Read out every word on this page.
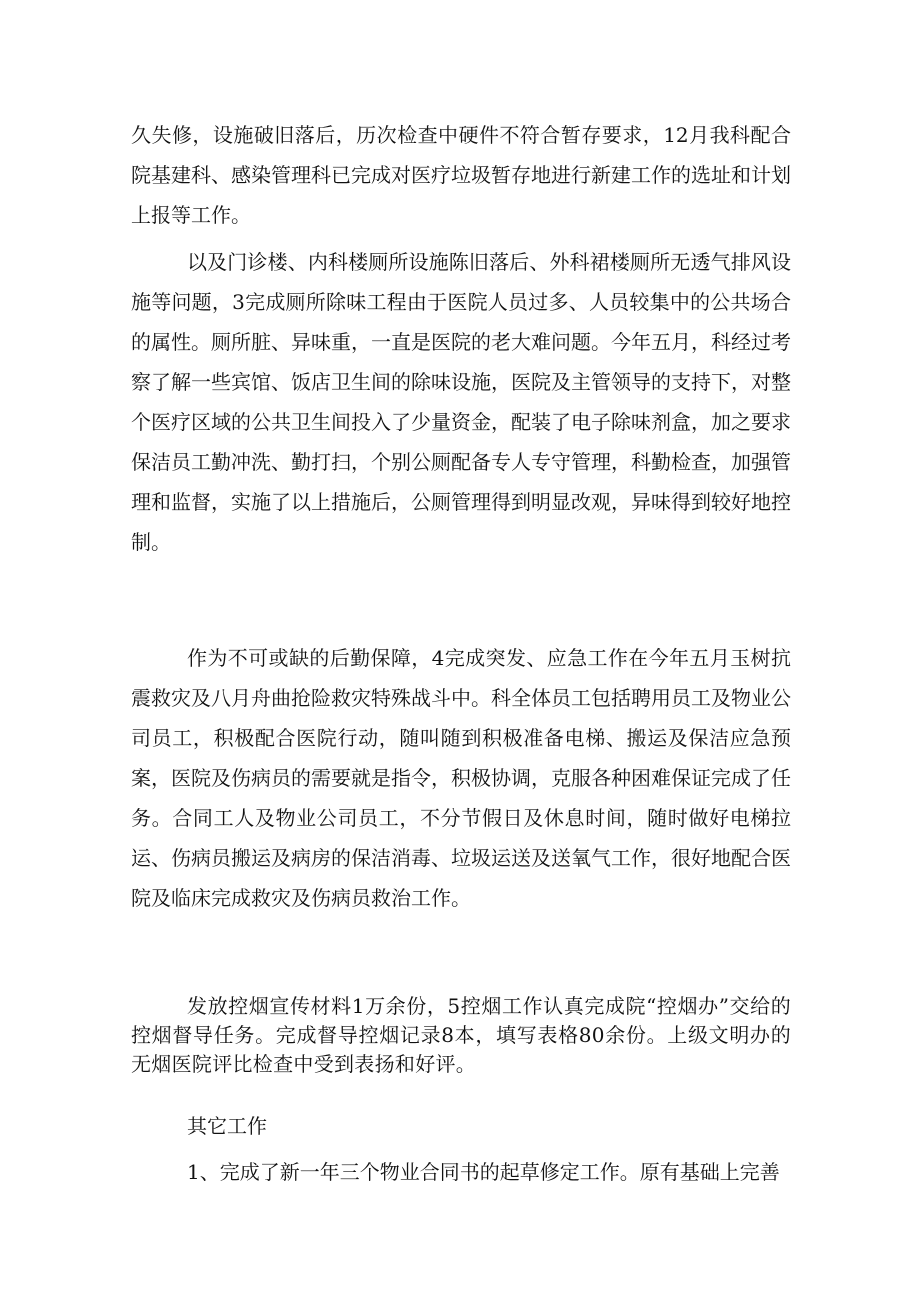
久失修，设施破旧落后，历次检查中硬件不符合暂存要求，12月我科配合院基建科、感染管理科已完成对医疗垃圾暂存地进行新建工作的选址和计划上报等工作。

以及门诊楼、内科楼厕所设施陈旧落后、外科裙楼厕所无透气排风设施等问题，3完成厕所除味工程由于医院人员过多、人员较集中的公共场合的属性。厕所脏、异味重，一直是医院的老大难问题。今年五月，科经过考察了解一些宾馆、饭店卫生间的除味设施，医院及主管领导的支持下，对整个医疗区域的公共卫生间投入了少量资金，配装了电子除味剂盒，加之要求保洁员工勤冲洗、勤打扫，个别公厕配备专人专守管理，科勤检查，加强管理和监督，实施了以上措施后，公厕管理得到明显改观，异味得到较好地控制。

作为不可或缺的后勤保障，4完成突发、应急工作在今年五月玉树抗震救灾及八月舟曲抢险救灾特殊战斗中。科全体员工包括聘用员工及物业公司员工，积极配合医院行动，随叫随到积极准备电梯、搬运及保洁应急预案，医院及伤病员的需要就是指令，积极协调，克服各种困难保证完成了任务。合同工人及物业公司员工，不分节假日及休息时间，随时做好电梯拉运、伤病员搬运及病房的保洁消毒、垃圾运送及送氧气工作，很好地配合医院及临床完成救灾及伤病员救治工作。

发放控烟宣传材料1万余份，5控烟工作认真完成院“控烟办”交给的控烟督导任务。完成督导控烟记录8本，填写表格80余份。上级文明办的无烟医院评比检查中受到表扬和好评。

其它工作

1、完成了新一年三个物业合同书的起草修定工作。原有基础上完善
